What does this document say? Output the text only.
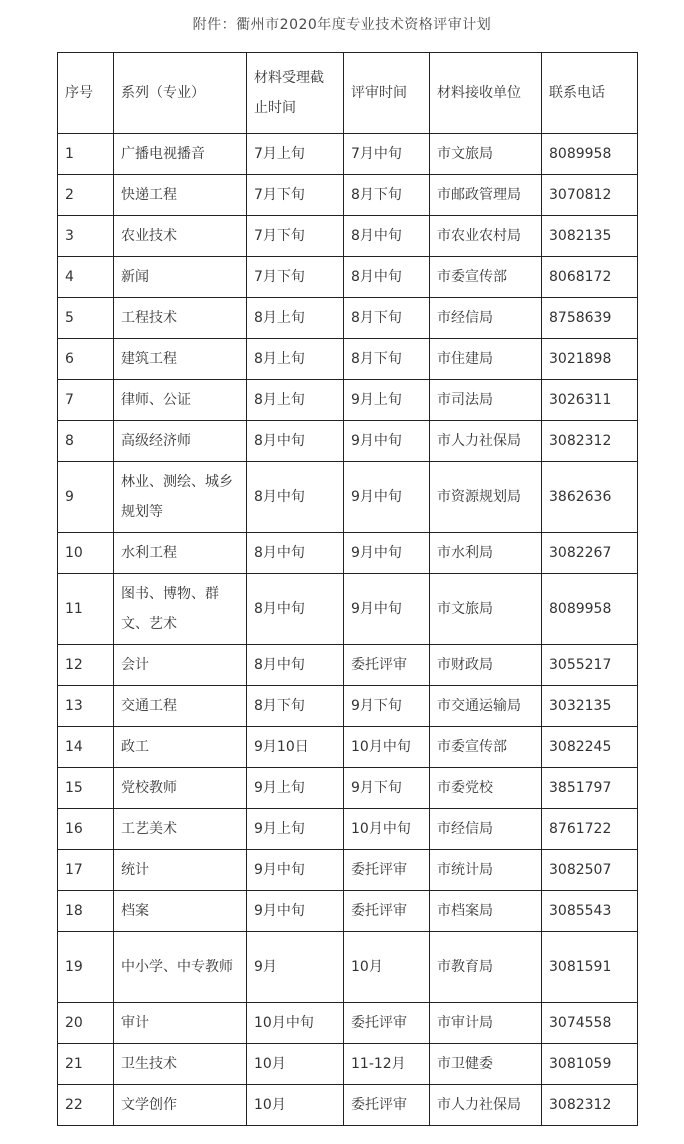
附件：衢州市2020年度专业技术资格评审计划
序号	系列（专业）	材料受理截止时间	评审时间	材料接收单位	联系电话
1	广播电视播音	7月上旬	7月中旬	市文旅局	8089958
2	快递工程	7月下旬	8月下旬	市邮政管理局	3070812
3	农业技术	7月下旬	8月中旬	市农业农村局	3082135
4	新闻	7月下旬	8月中旬	市委宣传部	8068172
5	工程技术	8月上旬	8月下旬	市经信局	8758639
6	建筑工程	8月上旬	8月下旬	市住建局	3021898
7	律师、公证	8月上旬	9月上旬	市司法局	3026311
8	高级经济师	8月中旬	9月中旬	市人力社保局	3082312
9	林业、测绘、城乡规划等	8月中旬	9月中旬	市资源规划局	3862636
10	水利工程	8月中旬	9月中旬	市水利局	3082267
11	图书、博物、群文、艺术	8月中旬	9月中旬	市文旅局	8089958
12	会计	8月中旬	委托评审	市财政局	3055217
13	交通工程	8月下旬	9月下旬	市交通运输局	3032135
14	政工	9月10日	10月中旬	市委宣传部	3082245
15	党校教师	9月上旬	9月下旬	市委党校	3851797
16	工艺美术	9月上旬	10月中旬	市经信局	8761722
17	统计	9月中旬	委托评审	市统计局	3082507
18	档案	9月中旬	委托评审	市档案局	3085543
19	中小学、中专教师	9月	10月	市教育局	3081591
20	审计	10月中旬	委托评审	市审计局	3074558
21	卫生技术	10月	11-12月	市卫健委	3081059
22	文学创作	10月	委托评审	市人力社保局	3082312
